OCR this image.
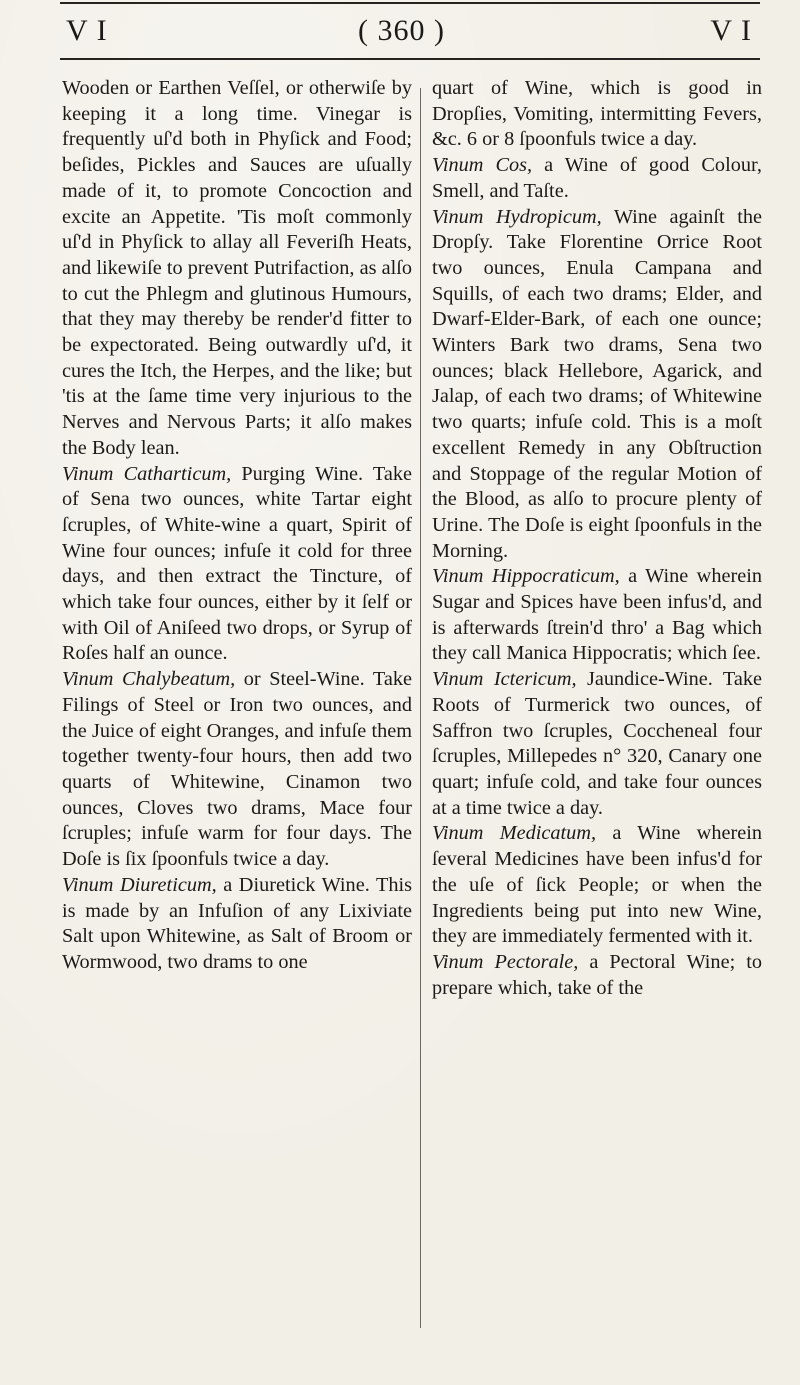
V I	( 360 )	V I

Wooden or Earthen Veſſel, or otherwiſe by keeping it a long time. Vinegar is frequently uſ'd both in Phyſick and Food; beſides, Pickles and Sauces are uſually made of it, to promote Concoction and excite an Appetite. 'Tis moſt commonly uſ'd in Phyſick to allay all Feveriſh Heats, and likewiſe to prevent Putrifaction, as alſo to cut the Phlegm and glutinous Humours, that they may thereby be render'd fitter to be expectorated. Being outwardly uſ'd, it cures the Itch, the Herpes, and the like; but 'tis at the ſame time very injurious to the Nerves and Nervous Parts; it alſo makes the Body lean.

Vinum Catharticum, Purging Wine. Take of Sena two ounces, white Tartar eight ſcruples, of White-wine a quart, Spirit of Wine four ounces; infuſe it cold for three days, and then extract the Tincture, of which take four ounces, either by it ſelf or with Oil of Aniſeed two drops, or Syrup of Roſes half an ounce.

Vinum Chalybeatum, or Steel-Wine. Take Filings of Steel or Iron two ounces, and the Juice of eight Oranges, and infuſe them together twenty-four hours, then add two quarts of Whitewine, Cinamon two ounces, Cloves two drams, Mace four ſcruples; infuſe warm for four days. The Doſe is ſix ſpoonfuls twice a day.

Vinum Diureticum, a Diuretick Wine. This is made by an Infuſion of any Lixiviate Salt upon Whitewine, as Salt of Broom or Wormwood, two drams to one

quart of Wine, which is good in Dropſies, Vomiting, intermitting Fevers, &c. 6 or 8 ſpoonfuls twice a day.

Vinum Cos, a Wine of good Colour, Smell, and Taſte.

Vinum Hydropicum, Wine againſt the Dropſy. Take Florentine Orrice Root two ounces, Enula Campana and Squills, of each two drams; Elder, and Dwarf-Elder-Bark, of each one ounce; Winters Bark two drams, Sena two ounces; black Hellebore, Agarick, and Jalap, of each two drams; of Whitewine two quarts; infuſe cold. This is a moſt excellent Remedy in any Obſtruction and Stoppage of the regular Motion of the Blood, as alſo to procure plenty of Urine. The Doſe is eight ſpoonfuls in the Morning.

Vinum Hippocraticum, a Wine wherein Sugar and Spices have been infus'd, and is afterwards ſtrein'd thro' a Bag which they call Manica Hippocratis; which ſee.

Vinum Ictericum, Jaundice-Wine. Take Roots of Turmerick two ounces, of Saffron two ſcruples, Coccheneal four ſcruples, Millepedes n° 320, Canary one quart; infuſe cold, and take four ounces at a time twice a day.

Vinum Medicatum, a Wine wherein ſeveral Medicines have been infus'd for the uſe of ſick People; or when the Ingredients being put into new Wine, they are immediately fermented with it.

Vinum Pectorale, a Pectoral Wine; to prepare which, take of the
